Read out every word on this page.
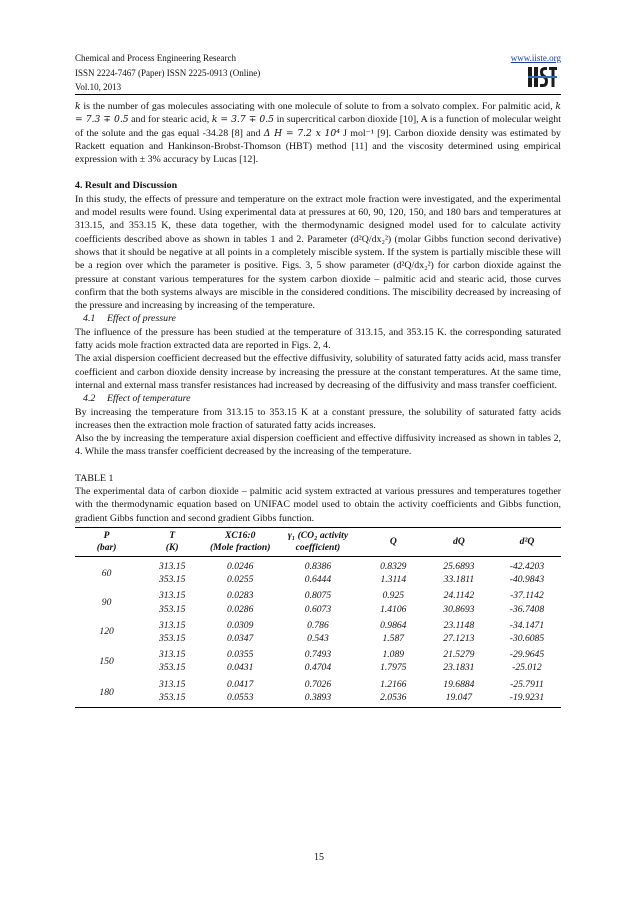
Chemical and Process Engineering Research
ISSN 2224-7467 (Paper) ISSN 2225-0913 (Online)
Vol.10, 2013
www.iiste.org

k is the number of gas molecules associating with one molecule of solute to from a solvato complex. For palmitic acid, k = 7.3 ∓ 0.5 and for stearic acid, k = 3.7 ∓ 0.5 in supercritical carbon dioxide [10], A is a function of molecular weight of the solute and the gas equal -34.28 [8] and Δ H = 7.2 x 10⁴ J mol⁻¹ [9]. Carbon dioxide density was estimated by Rackett equation and Hankinson-Brobst-Thomson (HBT) method [11] and the viscosity determined using empirical expression with ± 3% accuracy by Lucas [12].

4. Result and Discussion

In this study, the effects of pressure and temperature on the extract mole fraction were investigated, and the experimental and model results were found. Using experimental data at pressures at 60, 90, 120, 150, and 180 bars and temperatures at 313.15, and 353.15 K, these data together, with the thermodynamic designed model used for to calculate activity coefficients described above as shown in tables 1 and 2. Parameter (d²Q/dx₂²) (molar Gibbs function second derivative) shows that it should be negative at all points in a completely miscible system. If the system is partially miscible these will be a region over which the parameter is positive. Figs. 3, 5 show parameter (d²Q/dx₂²) for carbon dioxide against the pressure at constant various temperatures for the system carbon dioxide – palmitic acid and stearic acid, those curves confirm that the both systems always are miscible in the considered conditions. The miscibility decreased by increasing of the pressure and increasing by increasing of the temperature.

4.1 Effect of pressure

The influence of the pressure has been studied at the temperature of 313.15, and 353.15 K. the corresponding saturated fatty acids mole fraction extracted data are reported in Figs. 2, 4.

The axial dispersion coefficient decreased but the effective diffusivity, solubility of saturated fatty acids acid, mass transfer coefficient and carbon dioxide density increase by increasing the pressure at the constant temperatures. At the same time, internal and external mass transfer resistances had increased by decreasing of the diffusivity and mass transfer coefficient.

4.2 Effect of temperature

By increasing the temperature from 313.15 to 353.15 K at a constant pressure, the solubility of saturated fatty acids increases then the extraction mole fraction of saturated fatty acids increases.

Also the by increasing the temperature axial dispersion coefficient and effective diffusivity increased as shown in tables 2, 4. While the mass transfer coefficient decreased by the increasing of the temperature.

TABLE 1

The experimental data of carbon dioxide – palmitic acid system extracted at various pressures and temperatures together with the thermodynamic equation based on UNIFAC model used to obtain the activity coefficients and Gibbs function, gradient Gibbs function and second gradient Gibbs function.

P
(bar)	T
(K)	XC16:0
(Mole fraction)	γ₁ (CO₂ activity coefficient)	Q	dQ	d²Q
60	313.15	0.0246	0.8386	0.8329	25.6893	-42.4203
	353.15	0.0255	0.6444	1.3114	33.1811	-40.9843
90	313.15	0.0283	0.8075	0.925	24.1142	-37.1142
	353.15	0.0286	0.6073	1.4106	30.8693	-36.7408
120	313.15	0.0309	0.786	0.9864	23.1148	-34.1471
	353.15	0.0347	0.543	1.587	27.1213	-30.6085
150	313.15	0.0355	0.7493	1.089	21.5279	-29.9645
	353.15	0.0431	0.4704	1.7975	23.1831	-25.012
180	313.15	0.0417	0.7026	1.2166	19.6884	-25.7911
	353.15	0.0553	0.3893	2.0536	19.047	-19.9231
15
